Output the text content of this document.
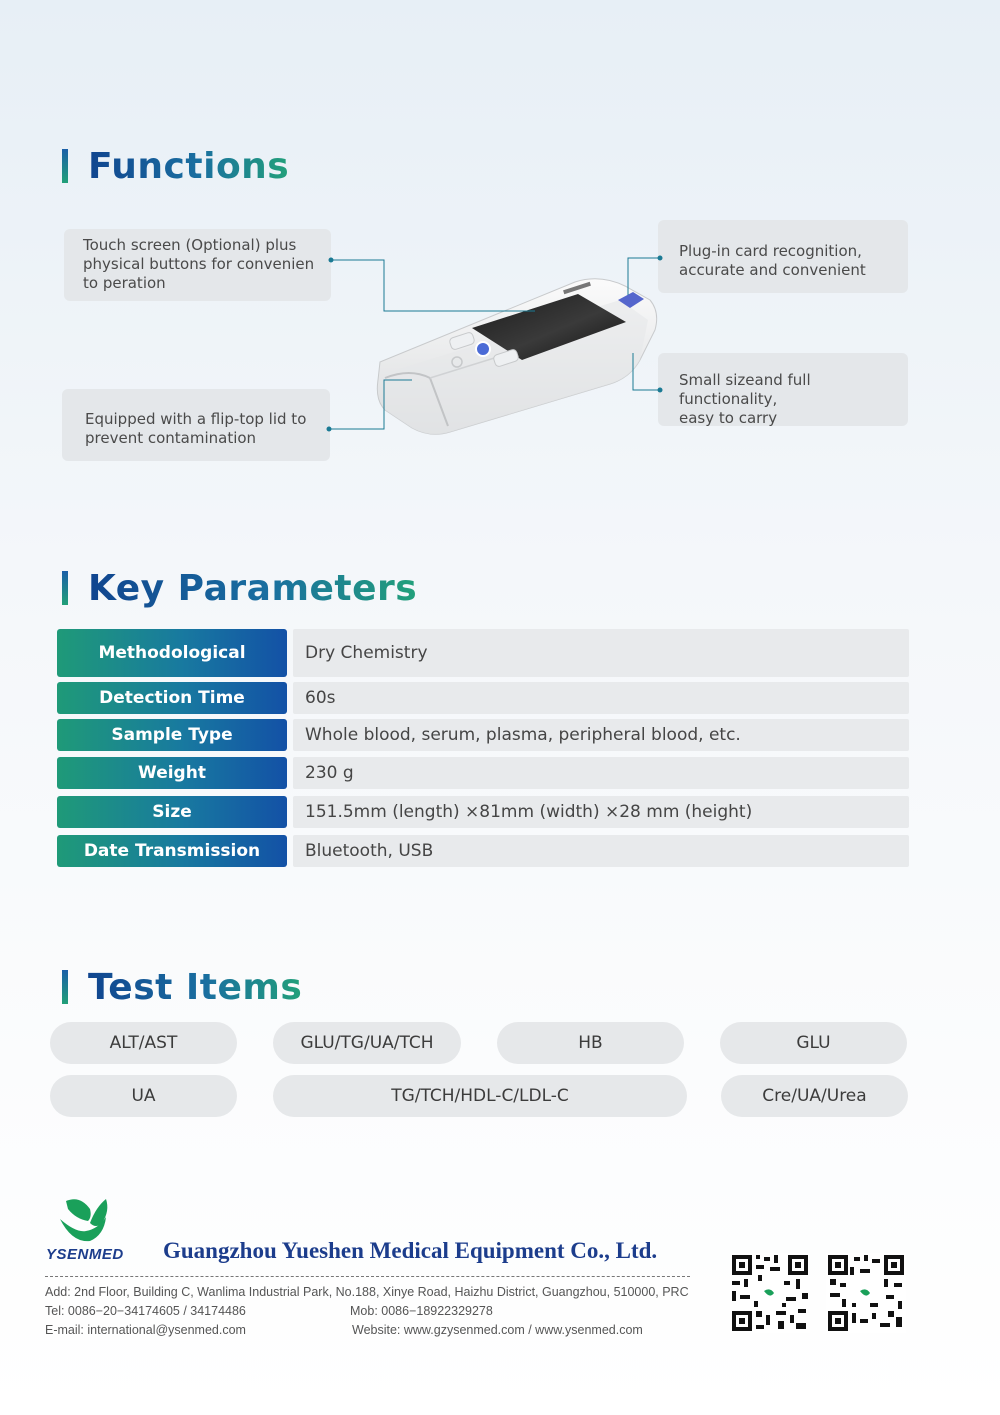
Functions
Touch screen (Optional) plus
physical buttons for convenien
to peration
Equipped with a flip-top lid to
prevent contamination
Plug-in card recognition,
accurate and convenient
Small sizeand full functionality,
easy to carry
Key Parameters
Methodological	Dry Chemistry
Detection Time	60s
Sample Type	Whole blood, serum, plasma, peripheral blood, etc.
Weight	230 g
Size	151.5mm (length) ×81mm (width) ×28 mm (height)
Date Transmission	Bluetooth, USB
Test Items
ALT/AST	GLU/TG/UA/TCH	HB	GLU
UA	TG/TCH/HDL-C/LDL-C	Cre/UA/Urea
YSENMED Guangzhou Yueshen Medical Equipment Co., Ltd.
Add: 2nd Floor, Building C, Wanlima Industrial Park, No.188, Xinye Road, Haizhu District, Guangzhou, 510000, PRC
Tel: 0086−20−34174605 / 34174486	Mob: 0086−18922329278
E-mail: international@ysenmed.com	Website: www.gzysenmed.com / www.ysenmed.com
